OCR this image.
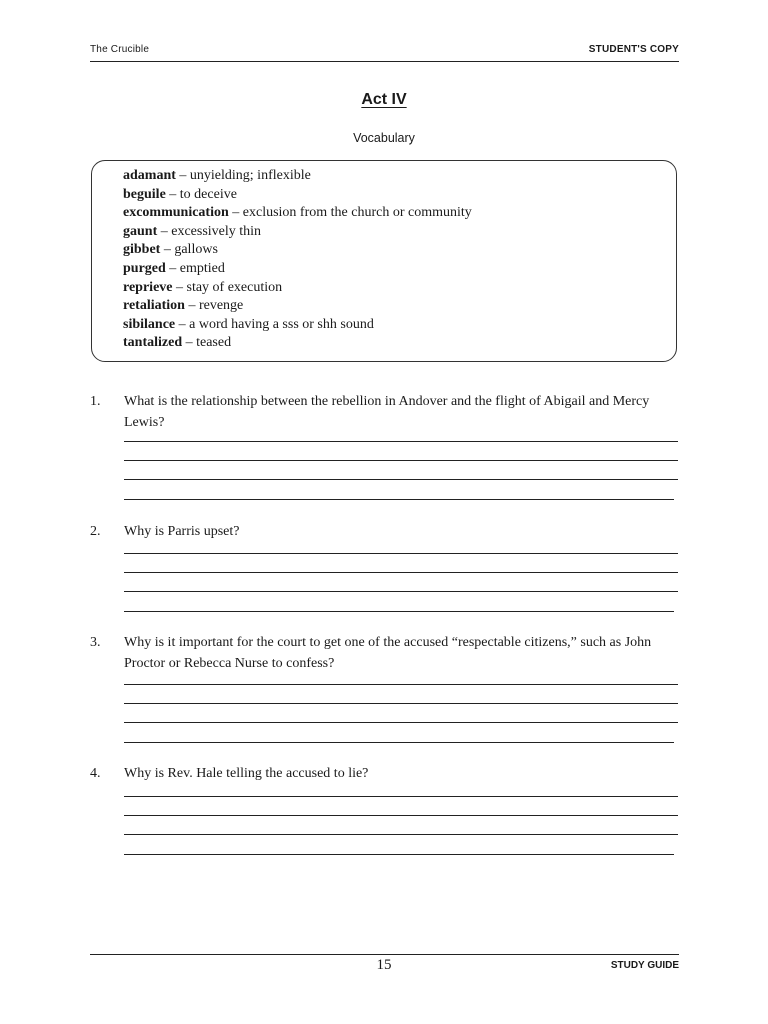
The Crucible	STUDENT'S COPY
Act IV
Vocabulary
adamant – unyielding; inflexible
beguile – to deceive
excommunication – exclusion from the church or community
gaunt – excessively thin
gibbet – gallows
purged – emptied
reprieve – stay of execution
retaliation – revenge
sibilance – a word having a sss or shh sound
tantalized – teased
1. What is the relationship between the rebellion in Andover and the flight of Abigail and Mercy Lewis?
2. Why is Parris upset?
3. Why is it important for the court to get one of the accused “respectable citizens,” such as John Proctor or Rebecca Nurse to confess?
4. Why is Rev. Hale telling the accused to lie?
15	STUDY GUIDE
